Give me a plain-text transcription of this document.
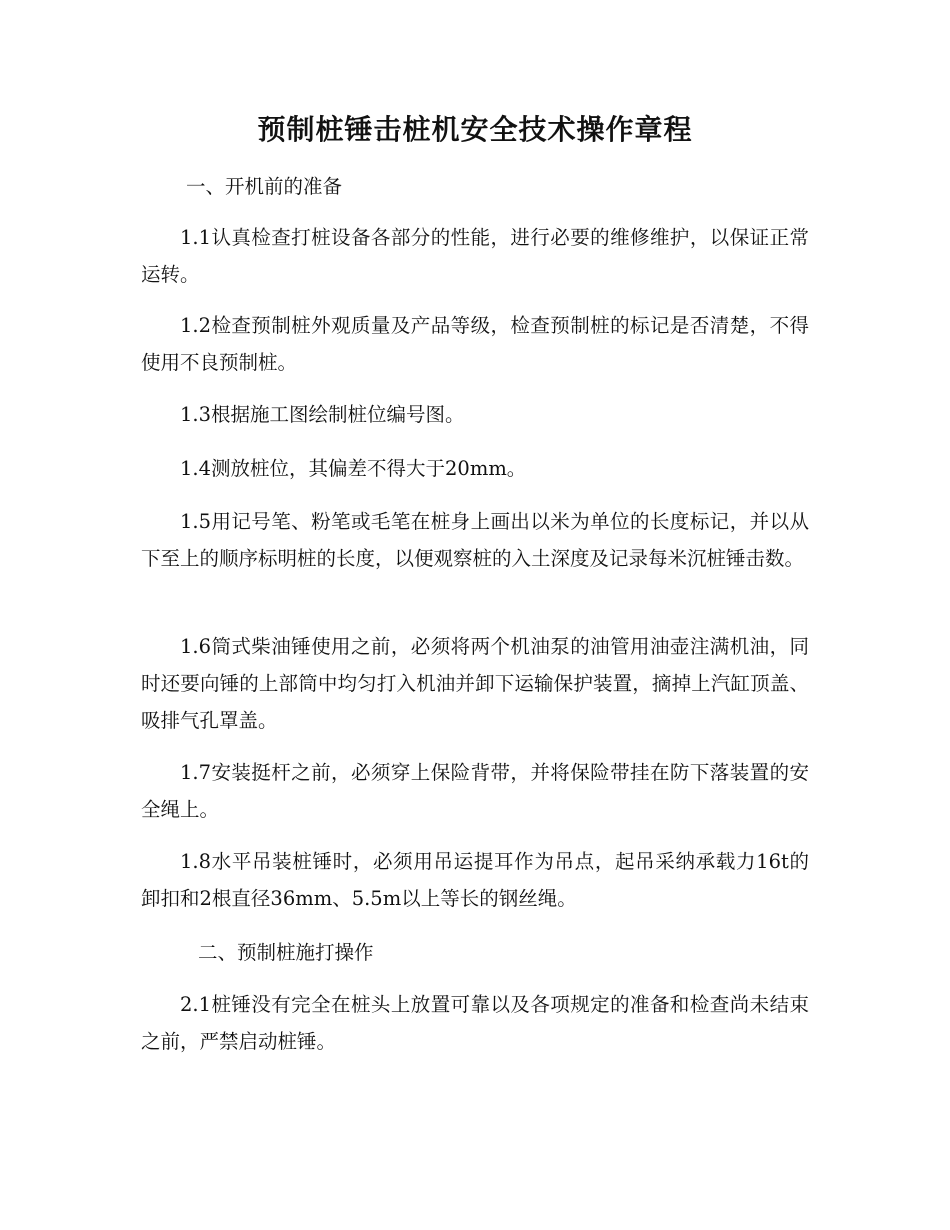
预制桩锤击桩机安全技术操作章程

一、开机前的准备

1.1认真检查打桩设备各部分的性能，进行必要的维修维护，以保证正常运转。

1.2检查预制桩外观质量及产品等级，检查预制桩的标记是否清楚，不得使用不良预制桩。

1.3根据施工图绘制桩位编号图。

1.4测放桩位，其偏差不得大于20mm。

1.5用记号笔、粉笔或毛笔在桩身上画出以米为单位的长度标记，并以从下至上的顺序标明桩的长度，以便观察桩的入土深度及记录每米沉桩锤击数。

1.6筒式柴油锤使用之前，必须将两个机油泵的油管用油壶注满机油，同时还要向锤的上部筒中均匀打入机油并卸下运输保护装置，摘掉上汽缸顶盖、吸排气孔罩盖。

1.7安装挺杆之前，必须穿上保险背带，并将保险带挂在防下落装置的安全绳上。

1.8水平吊装桩锤时，必须用吊运提耳作为吊点，起吊采纳承载力16t的卸扣和2根直径36mm、5.5m以上等长的钢丝绳。

二、预制桩施打操作

2.1桩锤没有完全在桩头上放置可靠以及各项规定的准备和检查尚未结束之前，严禁启动桩锤。
